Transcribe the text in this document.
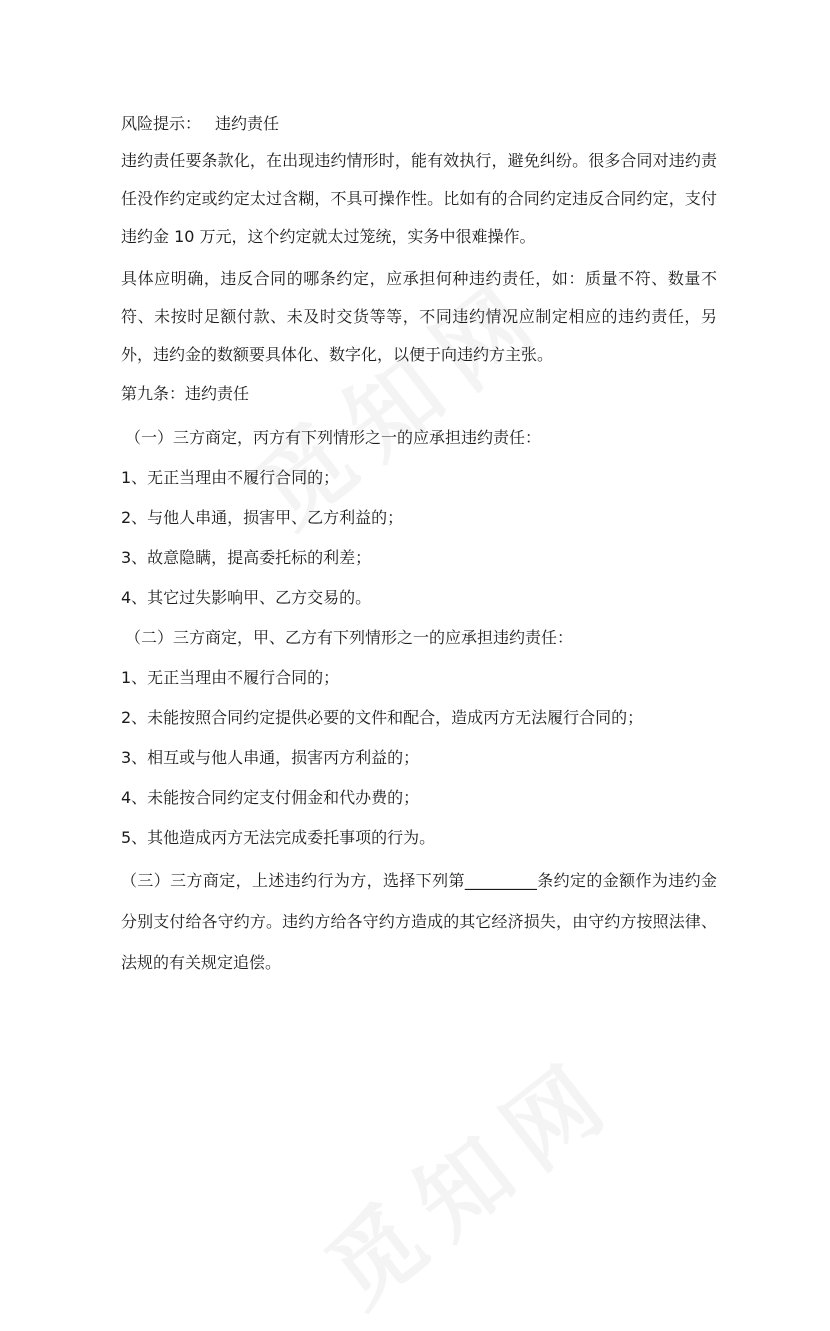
风险提示： 违约责任

违约责任要条款化，在出现违约情形时，能有效执行，避免纠纷。很多合同对违约责任没作约定或约定太过含糊，不具可操作性。比如有的合同约定违反合同约定，支付违约金 10 万元，这个约定就太过笼统，实务中很难操作。

具体应明确，违反合同的哪条约定，应承担何种违约责任，如：质量不符、数量不符、未按时足额付款、未及时交货等等，不同违约情况应制定相应的违约责任，另外，违约金的数额要具体化、数字化，以便于向违约方主张。

第九条：违约责任

（一）三方商定，丙方有下列情形之一的应承担违约责任：

1、无正当理由不履行合同的；

2、与他人串通，损害甲、乙方利益的；

3、故意隐瞒，提高委托标的利差；

4、其它过失影响甲、乙方交易的。

（二）三方商定，甲、乙方有下列情形之一的应承担违约责任：

1、无正当理由不履行合同的；

2、未能按照合同约定提供必要的文件和配合，造成丙方无法履行合同的；

3、相互或与他人串通，损害丙方利益的；

4、未能按合同约定支付佣金和代办费的；

5、其他造成丙方无法完成委托事项的行为。

（三）三方商定，上述违约行为方，选择下列第_________条约定的金额作为违约金分别支付给各守约方。违约方给各守约方造成的其它经济损失，由守约方按照法律、法规的有关规定追偿。
